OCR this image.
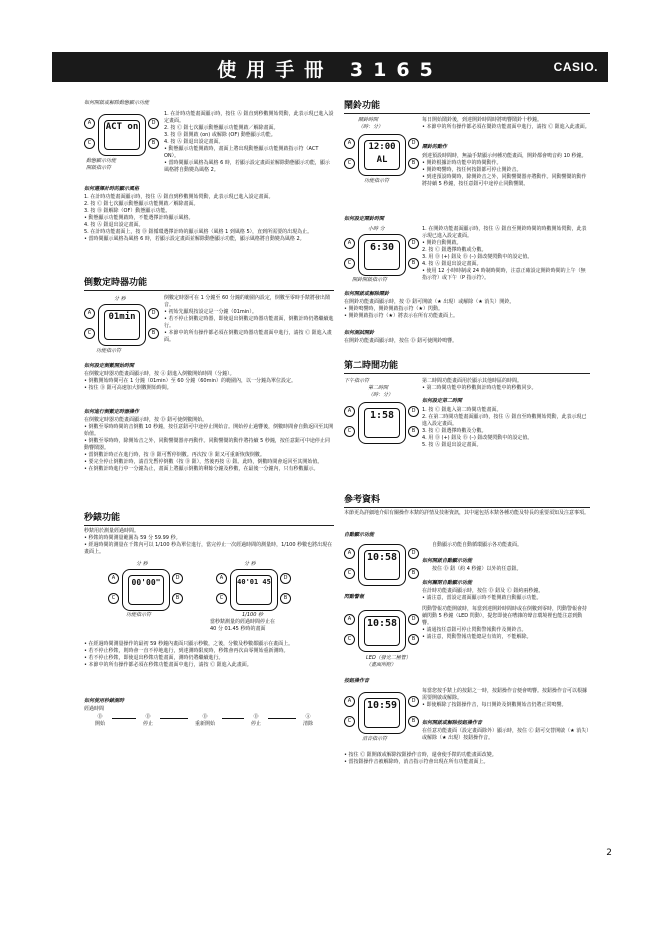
使用手冊 3165	CASIO.

如何開啟或解除動態顯示功能

ACT on
A
C
D
B

動態顯示功能
開啟指示符

1. 在計時功能畫面顯示時，按住 Ⓐ 鈕直到秒數開始閃動，此表示現已進入設定畫面。
2. 按 Ⓒ 鈕七次顯示動態顯示功能開啟／解除畫面。
3. 按 Ⓓ 鈕開啟 (on) 或解除 (OF) 動態顯示功能。
4. 按 Ⓐ 鈕退出設定畫面。
• 動態顯示功能開啟時，畫面上將出現動態顯示功能開啟指示符（ACT ON）。
• 當時間顯示風格為風格 6 時，若顯示設定畫面並解除動態顯示功能，顯示風格將自動變為風格 2。

如何選擇計時的顯示風格

1. 在計時功能畫面顯示時，按住 Ⓐ 鈕直到秒數開始閃動，此表示現已進入設定畫面。
2. 按 Ⓒ 鈕七次顯示動態顯示功能開啟／解除畫面。
3. 按 Ⓑ 鈕解除（OF）動態顯示功能。
• 動態顯示功能開啟時，不能選擇計時顯示風格。
4. 按 Ⓐ 鈕退出設定畫面。
5. 在計時功能畫面上，按 Ⓓ 鈕循環選擇計時的顯示風格（風格 1 到風格 5），直到所需要的出現為止。
• 當時間顯示風格為風格 6 時，若顯示設定畫面並解除動態顯示功能，顯示風格將自動變為風格 2。

倒數定時器功能

分 秒

01min
A
C
D
B

功能指示符

倒數定時器可在 1 分鐘至 60 分鐘的範圍內設定，倒數至零時手錶將發出鬧音。
• 初始先顯現按設定是一分鐘（01min）。
• 若不停止倒數定時器，即使退出倒數定時器功能畫面，倒數計時仍將繼續進行。
• 本節中的所有操作都必須在倒數定時器功能畫面中進行，請按 Ⓒ 鈕進入畫面。

如何設定倒數開始時間

在倒數定時器功能畫面顯示時，按 Ⓐ 鈕進入倒數開始時間（分鐘）。
• 倒數開始時間可在 1 分鐘（01min）至 60 分鐘（60min）的範圍內，以一分鐘為單位設定。
• 按住 Ⓓ 鈕可高速加大倒數開始時間。

如何進行倒數定時器操作

在倒數定時器功能畫面顯示時，按 Ⓓ 鈕可使倒數開始。
• 倒數至零時時間的音倒數 10 秒鐘，按任意鈕可中途停止開始音。開始停止過響後，倒數時間會自動返回至其開始值。
• 倒數至零時時，除開始音之外，同動響鬧器亦再動作。同動響鬧的動作將持續 5 秒鐘，按任意鈕可中途停止同動響鬧器。
• 當倒數計時正在進行時，按 Ⓓ 鈕可暫停倒數。再次按 Ⓓ 鈕又可重新恢復倒數。
• 要完全停止倒數計時，請首先暫停倒數（按 Ⓓ 鈕），然後再按 Ⓐ 鈕。此時，倒數時間會返回至其開始值。
• 在倒數計時進行中一分鐘為止，畫面上將顯示倒數的剩餘分鐘及秒數，在最後一分鐘內，只有秒數顯示。

秒錶功能

秒錶用於測量經過時間。
• 秒錶的時間測量範圍為 59 分 59.99 秒。
• 經過時間的測量在千錶內可以 1/100 秒為單位進行，當完停止一次經過時間的測量時，1/100 秒數也將出現在畫面上。

分 秒

00'00"
A
C
D
B

功能指示符

分 秒

40'01 45
A
C
D
B

1/100 秒

當秒錶測量的經過時間停止在
40 分 01.45 秒時的畫面

• 在經過時間測量操作的最初 59 秒鐘內畫面只顯示秒數，之後，分數及秒數都顯示在畫面上。
• 若不停止秒錶，則時會一直不停地進行，到達測時限度時，秒錶會再次由零開始重新測時。
• 若不停止秒錶，即使退出秒錶功能畫面，測時仍將繼續進行。
• 本節中的所有操作都必須在秒錶功能畫面中進行，請按 Ⓒ 鈕進入此畫面。

如何使用秒錶測時

經過時間

Ⓓ
開始
Ⓓ
停止
Ⓓ
重新開始
Ⓓ
停止
Ⓐ
清除

鬧鈴功能

鬧鈴時間
（時：分）

12:00 AL
A
C
D
B

功能指示符

每日開始鬧鈴後，到達開鈴時間時將鳴響鬧鈴十秒鐘。
• 本節中的所有操作都必須在鬧鈴功能畫面中進行，請按 Ⓒ 鈕進入此畫面。

鬧鈴的動作

到達預設時間時，無論手錶顯示何種功能畫面，開鈴都會鳴音約 10 秒鐘。
• 開鈴根據計時功能中的時間動作。
• 開鈴鳴響時，按任何按鈕都可停止開鈴音。
• 到達預設時間時，除開鈴音之外，同動響鬧器亦將動作。同動響鬧的動作將持續 5 秒鐘，按任意鈕可中途停止同動響鬧。

如何設定鬧鈴時間

小時 分

6:30
A
C
D
B

開鈴開啟指示符

1. 在開鈴功能畫面顯示時，按住 Ⓐ 鈕直至開鈴時間的時數開始閃動，此表示現已進入設定畫面。
• 開鈴自動開啟。
2. 按 Ⓒ 鈕選擇時數或分數。
3. 用 Ⓓ (+) 鈕及 Ⓑ (–) 鈕改變閃動中的設定值。
4. 按 Ⓐ 鈕退出設定畫面。
• 使用 12 小時時制或 24 時制時間時，注意正確設定開鈴時間的上午（無指示符）或下午（P 指示符）。

如何開啟或解除鬧鈴

在開鈴功能畫面顯示時，按 Ⓓ 鈕可開啟（★ 出現）或解除（★ 消失）開鈴。
• 開鈴鳴響時，開鈴開啟指示符（★）閃動。
• 開鈴開啟指示符（★）將表示在所有功能畫面上。

如何測試開鈴

在開鈴功能畫面顯示時，按住 Ⓓ 鈕可使開鈴鳴響。

第二時間功能

下午指示符

第二時間
（時：分）

1:58
A
C
D
B

第二時間功能畫面用於顯示其他時區的時間。
• 第二時間功能中的秒數與計時功能中的秒數同步。

如何設定第二時間

1. 按 Ⓒ 鈕進入第二時間功能畫面。
2. 在第二時間功能畫面顯示時，按住 Ⓐ 鈕直至時數開始閃動，此表示現已進入設定畫面。
3. 按 Ⓒ 鈕選擇時數及分數。
4. 用 Ⓓ (+) 鈕及 Ⓑ (–) 鈕改變閃動中的設定值。
5. 按 Ⓐ 鈕退出設定畫面。

參考資料

本節更為詳細地介紹有關操作本錶的詳情及技術資訊，其中還包括本錶各種功能及特長的重要須知及注意事項。

自動顯示功能

10:58
A
C
D
B

自動顯示功能自動循環顯示各功能畫面。

如何開啟自動顯示功能

按住 Ⓓ 鈕（約 4 秒鐘）以外的任意鈕。

如何關閉自動顯示功能

在計時功能畫面顯示時，按住 Ⓓ 鈕及 Ⓒ 鈕約兩秒鐘。
• 請注意，當設定畫面顯示時不能開啟自動顯示功能。

閃動警報

10:58
A
C
D
B

LED（發光二極管）
（畫面所附）

閃動警報功能開啟時，每當到達開鈴時間時或在倒數到零時，閃動警報會持續閃動 5 秒鐘（LED 閃動），提您即使在嘈雜的聲音環境裡也能注意到動響。
• 請通按任意鈕可停止閃動警報動作及開鈴音。
• 請注意，閃動警報功能總是有效的，不能解除。

按鈕操作音

10:59
A
C
D
B

消音指示符

每當您按手錶上的按鈕之一時，按鈕操作音便會鳴響。按鈕操作音可以根據需要開啟或解除。
• 即使解除了按鈕操作音，每日開鈴及倒數開始音仍將正常鳴響。

如何開啟或解除按鈕操作音

在任意功能畫面（設定畫面除外）顯示時，按住 Ⓒ 鈕可交替開啟（★ 消失）或解除（★ 出現）按鈕操作音。

• 按住 Ⓒ 鈕開啟或解除按鈕操作音時，還會使手錶的功能畫面改變。
• 當按鈕操作音被解除時，消音指示符會出現在所有功能畫面上。

2
